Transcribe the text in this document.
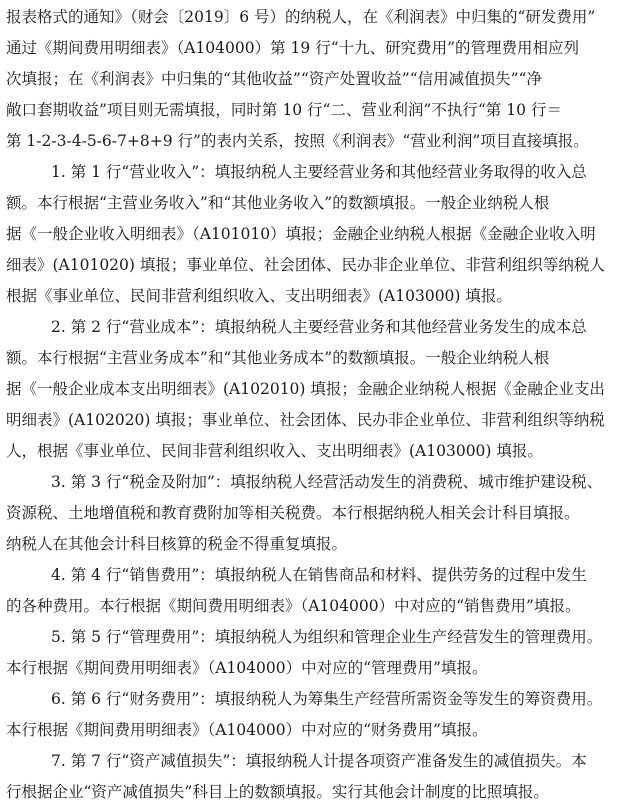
报表格式的通知》（财会〔2019〕6 号）的纳税人，在《利润表》中归集的“研发费用”
通过《期间费用明细表》（A104000）第 19 行“十九、研究费用”的管理费用相应列
次填报；在《利润表》中归集的“其他收益”“资产处置收益”“信用减值损失”“净
敞口套期收益”项目则无需填报，同时第 10 行“二、营业利润”不执行“第 10 行＝
第 1-2-3-4-5-6-7+8+9 行”的表内关系，按照《利润表》“营业利润”项目直接填报。
1. 第 1 行“营业收入”：填报纳税人主要经营业务和其他经营业务取得的收入总
额。本行根据“主营业务收入”和“其他业务收入”的数额填报。一般企业纳税人根
据《一般企业收入明细表》（A101010）填报；金融企业纳税人根据《金融企业收入明
细表》(A101020) 填报；事业单位、社会团体、民办非企业单位、非营利组织等纳税人
根据《事业单位、民间非营利组织收入、支出明细表》(A103000) 填报。
2. 第 2 行“营业成本”：填报纳税人主要经营业务和其他经营业务发生的成本总
额。本行根据“主营业务成本”和“其他业务成本”的数额填报。一般企业纳税人根
据《一般企业成本支出明细表》(A102010) 填报；金融企业纳税人根据《金融企业支出
明细表》(A102020) 填报；事业单位、社会团体、民办非企业单位、非营利组织等纳税
人，根据《事业单位、民间非营利组织收入、支出明细表》(A103000) 填报。
3. 第 3 行“税金及附加”：填报纳税人经营活动发生的消费税、城市维护建设税、
资源税、土地增值税和教育费附加等相关税费。本行根据纳税人相关会计科目填报。
纳税人在其他会计科目核算的税金不得重复填报。
4. 第 4 行“销售费用”：填报纳税人在销售商品和材料、提供劳务的过程中发生
的各种费用。本行根据《期间费用明细表》（A104000）中对应的“销售费用”填报。
5. 第 5 行“管理费用”：填报纳税人为组织和管理企业生产经营发生的管理费用。
本行根据《期间费用明细表》（A104000）中对应的“管理费用”填报。
6. 第 6 行“财务费用”：填报纳税人为筹集生产经营所需资金等发生的筹资费用。
本行根据《期间费用明细表》（A104000）中对应的“财务费用”填报。
7. 第 7 行“资产减值损失”：填报纳税人计提各项资产准备发生的减值损失。本
行根据企业“资产减值损失”科目上的数额填报。实行其他会计制度的比照填报。
